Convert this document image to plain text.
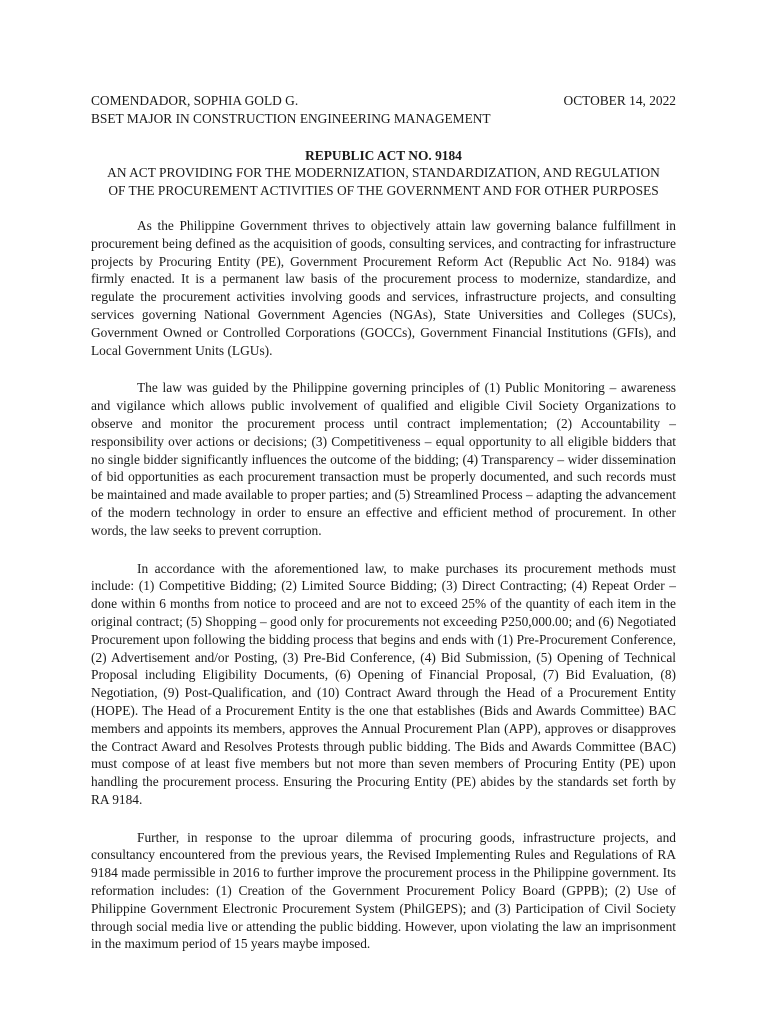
COMENDADOR, SOPHIA GOLD G.	OCTOBER 14, 2022

BSET MAJOR IN CONSTRUCTION ENGINEERING MANAGEMENT

REPUBLIC ACT NO. 9184

AN ACT PROVIDING FOR THE MODERNIZATION, STANDARDIZATION, AND REGULATION

OF THE PROCUREMENT ACTIVITIES OF THE GOVERNMENT AND FOR OTHER PURPOSES

As the Philippine Government thrives to objectively attain law governing balance fulfillment in procurement being defined as the acquisition of goods, consulting services, and contracting for infrastructure projects by Procuring Entity (PE), Government Procurement Reform Act (Republic Act No. 9184) was firmly enacted. It is a permanent law basis of the procurement process to modernize, standardize, and regulate the procurement activities involving goods and services, infrastructure projects, and consulting services governing National Government Agencies (NGAs), State Universities and Colleges (SUCs), Government Owned or Controlled Corporations (GOCCs), Government Financial Institutions (GFIs), and Local Government Units (LGUs).

The law was guided by the Philippine governing principles of (1) Public Monitoring – awareness and vigilance which allows public involvement of qualified and eligible Civil Society Organizations to observe and monitor the procurement process until contract implementation; (2) Accountability – responsibility over actions or decisions; (3) Competitiveness – equal opportunity to all eligible bidders that no single bidder significantly influences the outcome of the bidding; (4) Transparency – wider dissemination of bid opportunities as each procurement transaction must be properly documented, and such records must be maintained and made available to proper parties; and (5) Streamlined Process – adapting the advancement of the modern technology in order to ensure an effective and efficient method of procurement. In other words, the law seeks to prevent corruption.

In accordance with the aforementioned law, to make purchases its procurement methods must include: (1) Competitive Bidding; (2) Limited Source Bidding; (3) Direct Contracting; (4) Repeat Order – done within 6 months from notice to proceed and are not to exceed 25% of the quantity of each item in the original contract; (5) Shopping – good only for procurements not exceeding P250,000.00; and (6) Negotiated Procurement upon following the bidding process that begins and ends with (1) Pre-Procurement Conference, (2) Advertisement and/or Posting, (3) Pre-Bid Conference, (4) Bid Submission, (5) Opening of Technical Proposal including Eligibility Documents, (6) Opening of Financial Proposal, (7) Bid Evaluation, (8) Negotiation, (9) Post-Qualification, and (10) Contract Award through the Head of a Procurement Entity (HOPE). The Head of a Procurement Entity is the one that establishes (Bids and Awards Committee) BAC members and appoints its members, approves the Annual Procurement Plan (APP), approves or disapproves the Contract Award and Resolves Protests through public bidding. The Bids and Awards Committee (BAC) must compose of at least five members but not more than seven members of Procuring Entity (PE) upon handling the procurement process. Ensuring the Procuring Entity (PE) abides by the standards set forth by RA 9184.

Further, in response to the uproar dilemma of procuring goods, infrastructure projects, and consultancy encountered from the previous years, the Revised Implementing Rules and Regulations of RA 9184 made permissible in 2016 to further improve the procurement process in the Philippine government. Its reformation includes: (1) Creation of the Government Procurement Policy Board (GPPB); (2) Use of Philippine Government Electronic Procurement System (PhilGEPS); and (3) Participation of Civil Society through social media live or attending the public bidding. However, upon violating the law an imprisonment in the maximum period of 15 years maybe imposed.
